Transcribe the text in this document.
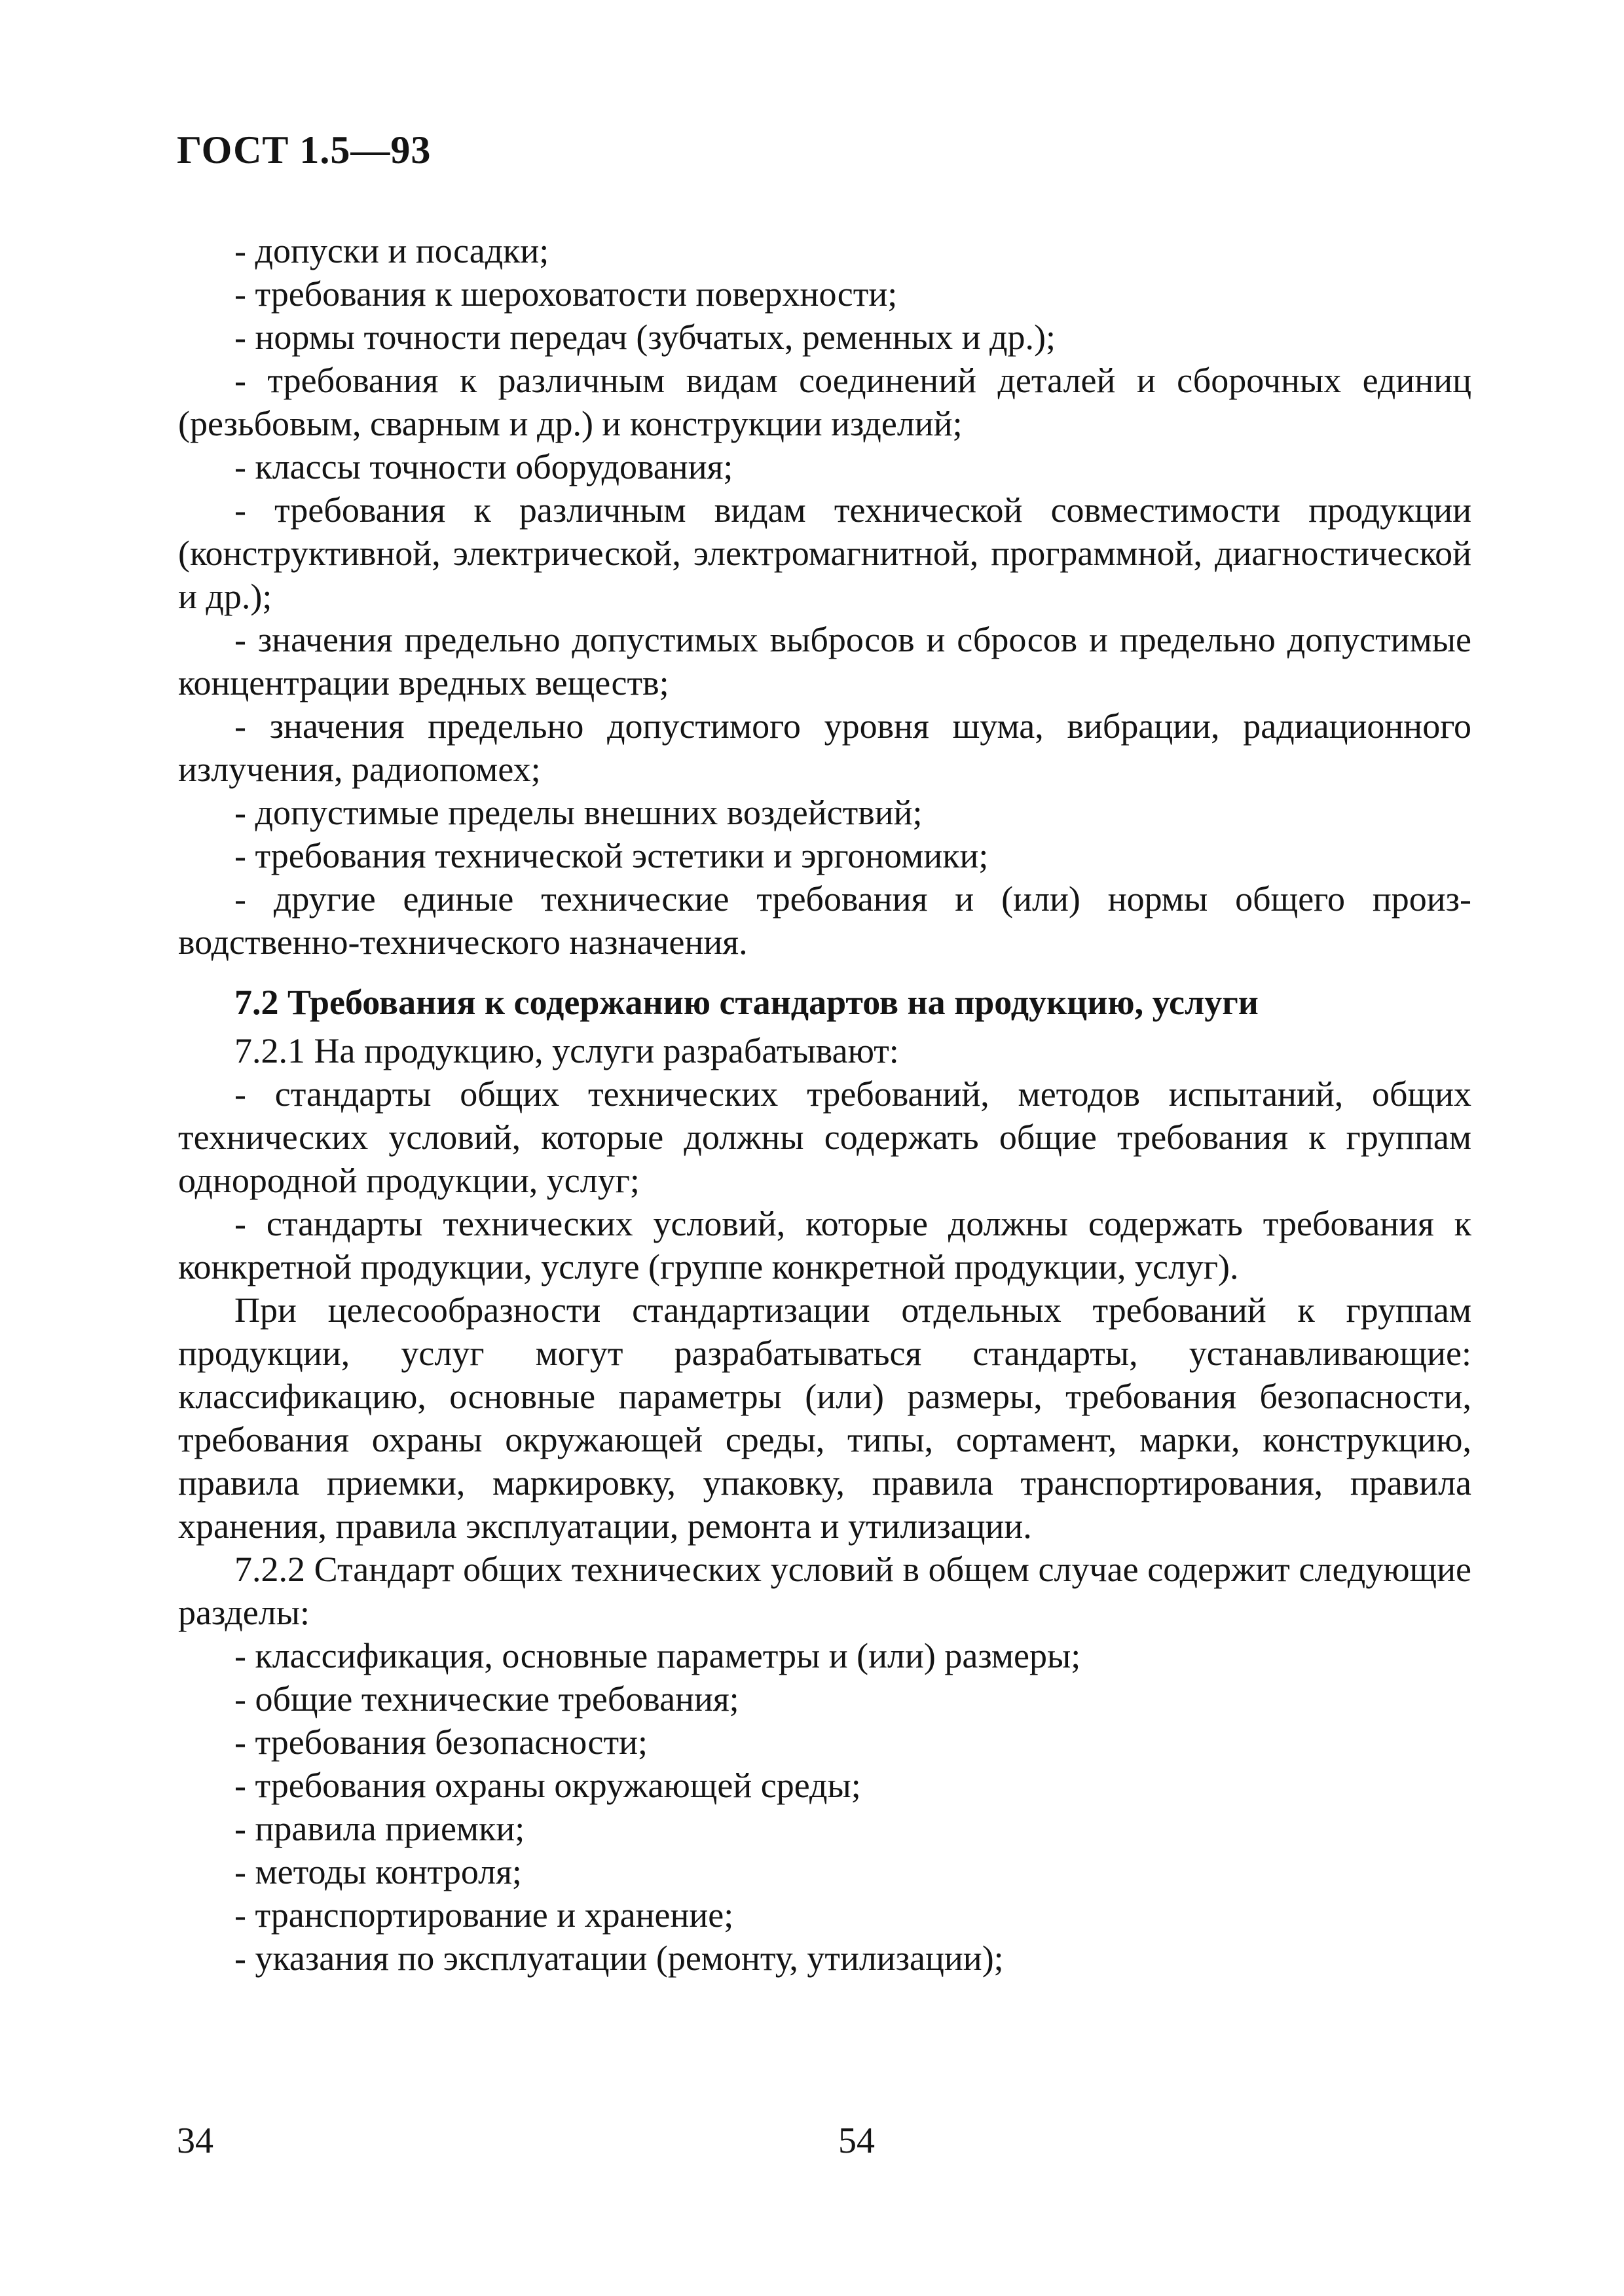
ГОСТ 1.5—93

- допуски и посадки;

- требования к шероховатости поверхности;

- нормы точности передач (зубчатых, ременных и др.);

- требования к различным видам соединений деталей и сборочных единиц (резьбовым, сварным и др.) и конструкции изделий;

- классы точности оборудования;

- требования к различным видам технической совместимости продукции (конструктивной, электрической, электромагнитной, программной, диагностической и др.);

- значения предельно допустимых выбросов и сбросов и предельно допустимые концентрации вредных веществ;

- значения предельно допустимого уровня шума, вибрации, радиационного излучения, радиопомех;

- допустимые пределы внешних воздействий;

- требования технической эстетики и эргономики;

- другие единые технические требования и (или) нормы общего производственно-технического назначения.

7.2 Требования к содержанию стандартов на продукцию, услуги

7.2.1 На продукцию, услуги разрабатывают:

- стандарты общих технических требований, методов испытаний, общих технических условий, которые должны содержать общие требования к группам однородной продукции, услуг;

- стандарты технических условий, которые должны содержать требования к конкретной продукции, услуге (группе конкретной продукции, услуг).

При целесообразности стандартизации отдельных требований к группам продукции, услуг могут разрабатываться стандарты, устанавливающие: классификацию, основные параметры (или) размеры, требования безопасности, требования охраны окружающей среды, типы, сортамент, марки, конструкцию, правила приемки, маркировку, упаковку, правила транспортирования, правила хранения, правила эксплуатации, ремонта и утилизации.

7.2.2 Стандарт общих технических условий в общем случае содержит следующие разделы:

- классификация, основные параметры и (или) размеры;

- общие технические требования;

- требования безопасности;

- требования охраны окружающей среды;

- правила приемки;

- методы контроля;

- транспортирование и хранение;

- указания по эксплуатации (ремонту, утилизации);

34	54
